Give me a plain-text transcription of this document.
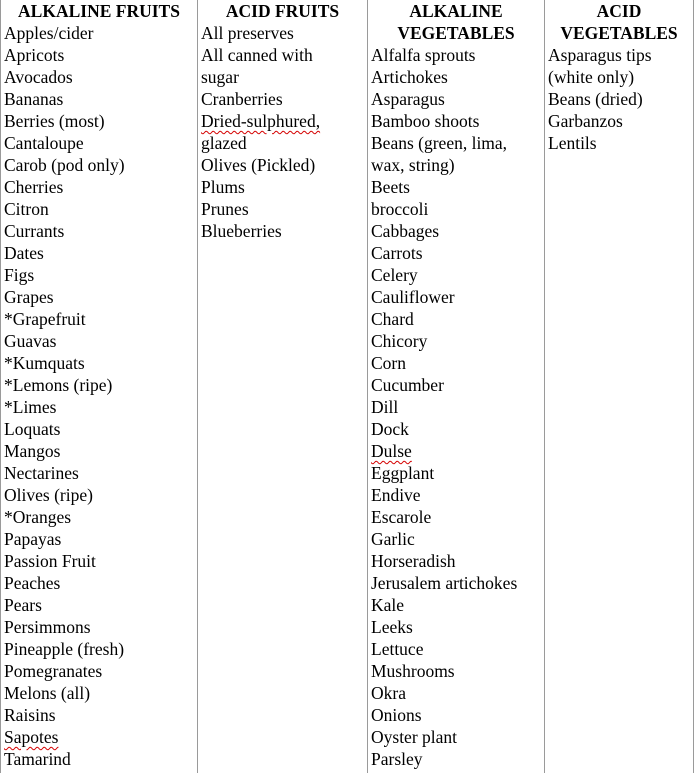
ALKALINE FRUITS
Apples/cider
Apricots
Avocados
Bananas
Berries (most)
Cantaloupe
Carob (pod only)
Cherries
Citron
Currants
Dates
Figs
Grapes
*Grapefruit
Guavas
*Kumquats
*Lemons (ripe)
*Limes
Loquats
Mangos
Nectarines
Olives (ripe)
*Oranges
Papayas
Passion Fruit
Peaches
Pears
Persimmons
Pineapple (fresh)
Pomegranates
Melons (all)
Raisins
Sapotes
Tamarind
ACID FRUITS
All preserves
All canned with
sugar
Cranberries
Dried-sulphured,
glazed
Olives (Pickled)
Plums
Prunes
Blueberries
ALKALINE
VEGETABLES
Alfalfa sprouts
Artichokes
Asparagus
Bamboo shoots
Beans (green, lima,
wax, string)
Beets
broccoli
Cabbages
Carrots
Celery
Cauliflower
Chard
Chicory
Corn
Cucumber
Dill
Dock
Dulse
Eggplant
Endive
Escarole
Garlic
Horseradish
Jerusalem artichokes
Kale
Leeks
Lettuce
Mushrooms
Okra
Onions
Oyster plant
Parsley
ACID
VEGETABLES
Asparagus tips
(white only)
Beans (dried)
Garbanzos
Lentils
